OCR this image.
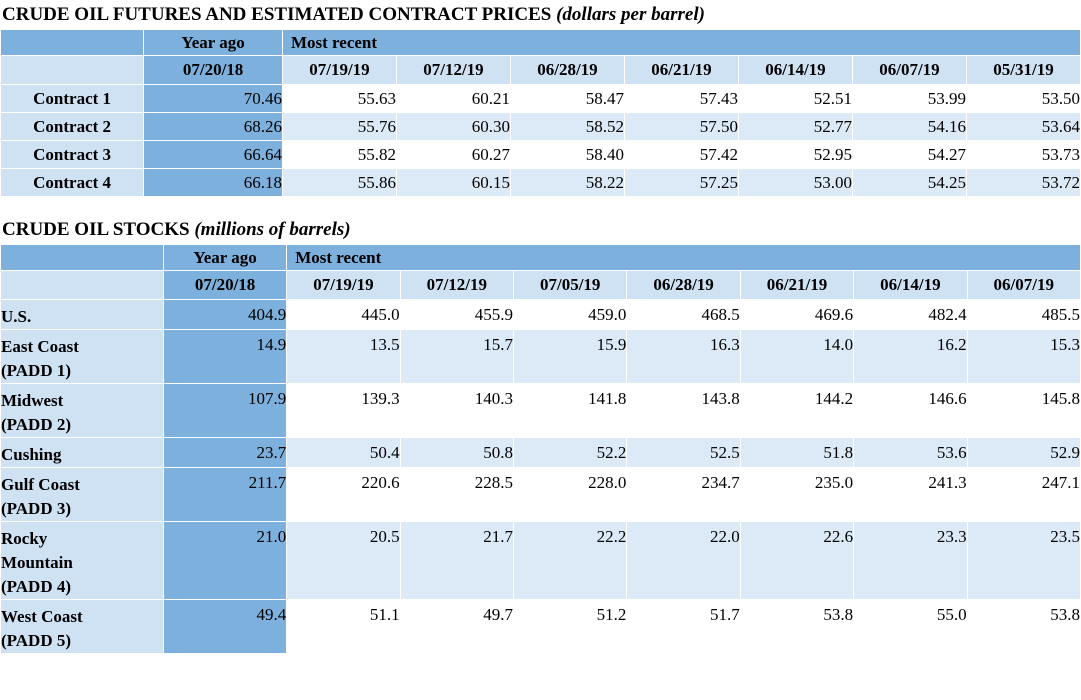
CRUDE OIL FUTURES AND ESTIMATED CONTRACT PRICES (dollars per barrel)
	Year ago	Most recent						
	07/20/18	07/19/19	07/12/19	06/28/19	06/21/19	06/14/19	06/07/19	05/31/19
Contract 1	70.46	55.63	60.21	58.47	57.43	52.51	53.99	53.50
Contract 2	68.26	55.76	60.30	58.52	57.50	52.77	54.16	53.64
Contract 3	66.64	55.82	60.27	58.40	57.42	52.95	54.27	53.73
Contract 4	66.18	55.86	60.15	58.22	57.25	53.00	54.25	53.72
CRUDE OIL STOCKS (millions of barrels)
	Year ago	Most recent						
	07/20/18	07/19/19	07/12/19	07/05/19	06/28/19	06/21/19	06/14/19	06/07/19

U.S.	404.9	445.0	455.9	459.0	468.5	469.6	482.4	485.5

East Coast
(PADD 1)	14.9	13.5	15.7	15.9	16.3	14.0	16.2	15.3

Midwest
(PADD 2)	107.9	139.3	140.3	141.8	143.8	144.2	146.6	145.8

Cushing	23.7	50.4	50.8	52.2	52.5	51.8	53.6	52.9

Gulf Coast
(PADD 3)	211.7	220.6	228.5	228.0	234.7	235.0	241.3	247.1

Rocky
Mountain
(PADD 4)	21.0	20.5	21.7	22.2	22.0	22.6	23.3	23.5

West Coast
(PADD 5)	49.4	51.1	49.7	51.2	51.7	53.8	55.0	53.8
